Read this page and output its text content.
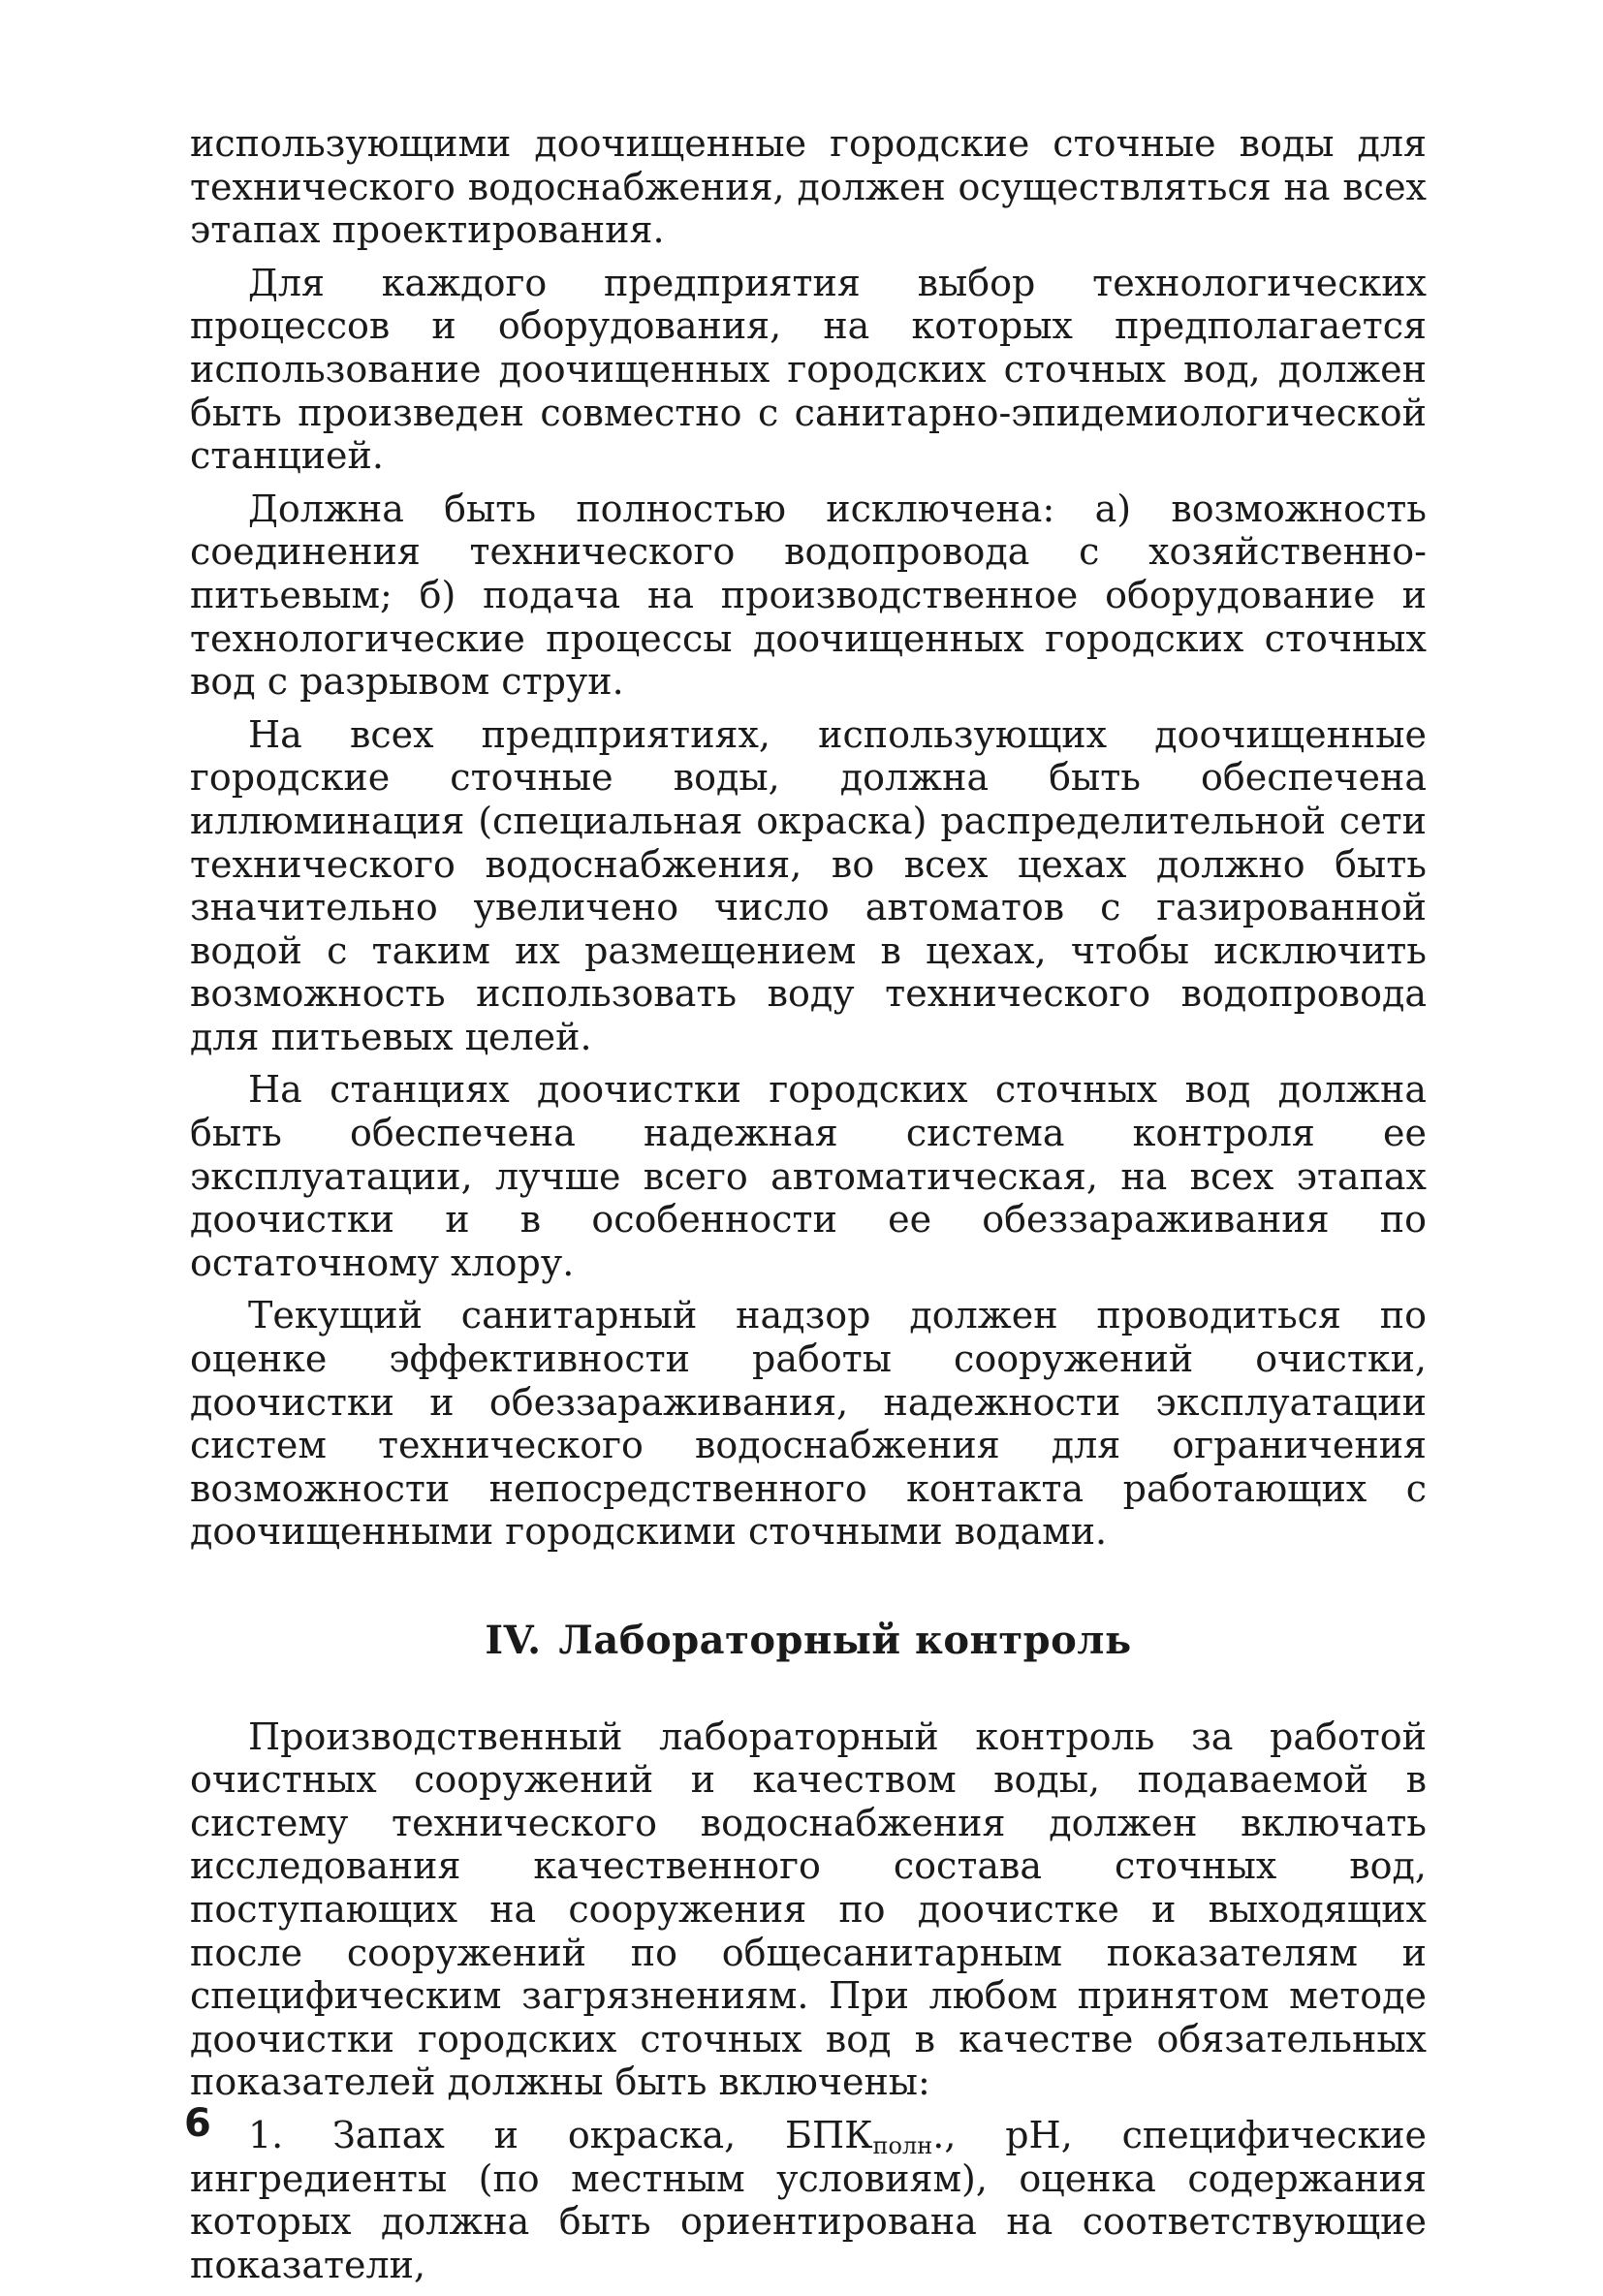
использующими доочищенные городские сточные воды для технического водоснабжения, должен осуществляться на всех этапах проектирования.

Для каждого предприятия выбор технологических процессов и оборудования, на которых предполагается использование доочищенных городских сточных вод, должен быть произведен совместно с санитарно-эпидемиологической станцией.

Должна быть полностью исключена: а) возможность соединения технического водопровода с хозяйственно-питьевым; б) подача на производственное оборудование и технологические процессы доочищенных городских сточных вод с разрывом струи.

На всех предприятиях, использующих доочищенные городские сточные воды, должна быть обеспечена иллюминация (специальная окраска) распределительной сети технического водоснабжения, во всех цехах должно быть значительно увеличено число автоматов с газированной водой с таким их размещением в цехах, чтобы исключить возможность использовать воду технического водопровода для питьевых целей.

На станциях доочистки городских сточных вод должна быть обеспечена надежная система контроля ее эксплуатации, лучше всего автоматическая, на всех этапах доочистки и в особенности ее обеззараживания по остаточному хлору.

Текущий санитарный надзор должен проводиться по оценке эффективности работы сооружений очистки, доочистки и обеззараживания, надежности эксплуатации систем технического водоснабжения для ограничения возможности непосредственного контакта работающих с доочищенными городскими сточными водами.

IV. Лабораторный контроль

Производственный лабораторный контроль за работой очистных сооружений и качеством воды, подаваемой в систему технического водоснабжения должен включать исследования качественного состава сточных вод, поступающих на сооружения по доочистке и выходящих после сооружений по общесанитарным показателям и специфическим загрязнениям. При любом принятом методе доочистки городских сточных вод в качестве обязательных показателей должны быть включены:

1. Запах и окраска, $БПК_{полн}$., pH, специфические ингредиенты (по местным условиям), оценка содержания которых должна быть ориентирована на соответствующие показатели,

6
